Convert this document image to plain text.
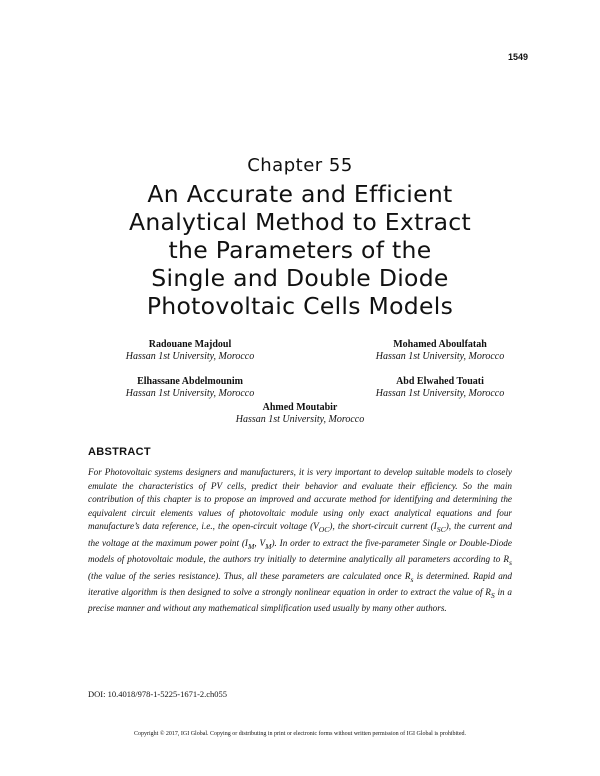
1549
Chapter 55
An Accurate and Efficient
Analytical Method to Extract
the Parameters of the
Single and Double Diode
Photovoltaic Cells Models
Radouane Majdoul
Hassan 1st University, Morocco
Mohamed Aboulfatah
Hassan 1st University, Morocco
Elhassane Abdelmounim
Hassan 1st University, Morocco
Abd Elwahed Touati
Hassan 1st University, Morocco
Ahmed Moutabir
Hassan 1st University, Morocco
ABSTRACT
For Photovoltaic systems designers and manufacturers, it is very important to develop suitable models to closely emulate the characteristics of PV cells, predict their behavior and evaluate their efficiency. So the main contribution of this chapter is to propose an improved and accurate method for identifying and determining the equivalent circuit elements values of photovoltaic module using only exact analytical equations and four manufacture’s data reference, i.e., the open-circuit voltage $(V_{OC})$, the short-circuit current $(I_{SC})$, the current and the voltage at the maximum power point ($I_M$, $V_M$). In order to extract the five-parameter Single or Double-Diode models of photovoltaic module, the authors try initially to determine analytically all parameters according to $R_s$ (the value of the series resistance). Thus, all these parameters are calculated once $R_s$ is determined. Rapid and iterative algorithm is then designed to solve a strongly nonlinear equation in order to extract the value of $R_S$ in a precise manner and without any mathematical simplification used usually by many other authors.
DOI: 10.4018/978-1-5225-1671-2.ch055
Copyright © 2017, IGI Global. Copying or distributing in print or electronic forms without written permission of IGI Global is prohibited.
